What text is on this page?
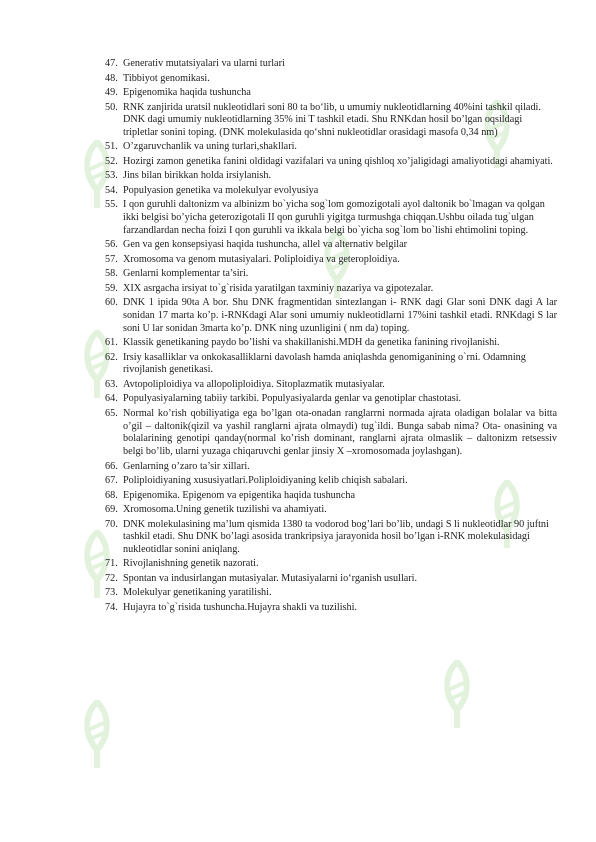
47. Generativ mutatsiyalari va ularni turlari
48. Tibbiyot genomikasi.
49. Epigenomika haqida tushuncha
50. RNK zanjirida uratsil nukleotidlari soni 80 ta bo‘lib, u umumiy nukleotidlarning 40%ini tashkil qiladi. DNK dagi umumiy nukleotidlarning 35% ini T tashkil etadi. Shu RNKdan hosil bo’lgan oqsildagi tripletlar sonini toping. (DNK molekulasida qo‘shni nukleotidlar orasidagi masofa 0,34 nm)
51. O’zgaruvchanlik va uning turlari,shakllari.
52. Hozirgi zamon genetika fanini oldidagi vazifalari va uning qishloq xo’jaligidagi amaliyotidagi ahamiyati.
53. Jins bilan birikkan holda irsiylanish.
54. Populyasion genetika va molekulyar evolyusiya
55. I qon guruhli daltonizm va albinizm bo`yicha sog`lom gomozigotali ayol daltonik bo`lmagan va qolgan ikki belgisi bo’yicha geterozigotali II qon guruhli yigitga turmushga chiqqan.Ushbu oilada tug`ulgan farzandlardan necha foizi I qon guruhli va ikkala belgi bo`yicha sog`lom bo`lishi ehtimolini toping.
56. Gen va gen konsepsiyasi haqida tushuncha, allel va alternativ belgilar
57. Xromosoma va genom mutasiyalari. Poliploidiya va geteroploidiya.
58. Genlarni komplementar ta’siri.
59. XIX asrgacha irsiyat to`g`risida yaratilgan taxminiy nazariya va gipotezalar.
60. DNK 1 ipida 90ta A bor. Shu DNK fragmentidan sintezlangan i- RNK dagi Glar soni DNK dagi A lar sonidan 17 marta ko’p. i-RNKdagi Alar soni umumiy nukleotidlarni 17%ini tashkil etadi. RNKdagi S lar soni U lar sonidan 3marta ko’p. DNK ning uzunligini ( nm da) toping.
61. Klassik genetikaning paydo bo’lishi va shakillanishi.MDH da genetika fanining rivojlanishi.
62. Irsiy kasalliklar va onkokasalliklarni davolash hamda aniqlashda genomiganining o`rni. Odamning rivojlanish genetikasi.
63. Avtopoliploidiya va allopoliploidiya. Sitoplazmatik mutasiyalar.
64. Populyasiyalarning tabiiy tarkibi. Populyasiyalarda genlar va genotiplar chastotasi.
65. Normal ko’rish qobiliyatiga ega bo’lgan ota-onadan ranglarrni normada ajrata oladigan bolalar va bitta o’gil – daltonik(qizil va yashil ranglarni ajrata olmaydi) tug`ildi. Bunga sabab nima? Ota- onasining va bolalarining genotipi qanday(normal ko’rish dominant, ranglarni ajrata olmaslik – daltonizm retsessiv belgi bo’lib, ularni yuzaga chiqaruvchi genlar jinsiy X –xromosomada joylashgan).
66. Genlarning o’zaro ta’sir xillari.
67. Poliploidiyaning xususiyatlari.Poliploidiyaning kelib chiqish sabalari.
68. Epigenomika. Epigenom va epigentika haqida tushuncha
69. Xromosoma.Uning genetik tuzilishi va ahamiyati.
70. DNK molekulasining ma’lum qismida 1380 ta vodorod bog’lari bo’lib, undagi S li nukleotidlar 90 juftni tashkil etadi. Shu DNK bo’lagi asosida trankripsiya jarayonida hosil bo’lgan i-RNK molekulasidagi nukleotidlar sonini aniqlang.
71. Rivojlanishning genetik nazorati.
72. Spontan va indusirlangan mutasiyalar. Mutasiyalarni io‘rganish usullari.
73. Molekulyar genetikaning yaratilishi.
74. Hujayra to`g`risida tushuncha.Hujayra shakli va tuzilishi.
